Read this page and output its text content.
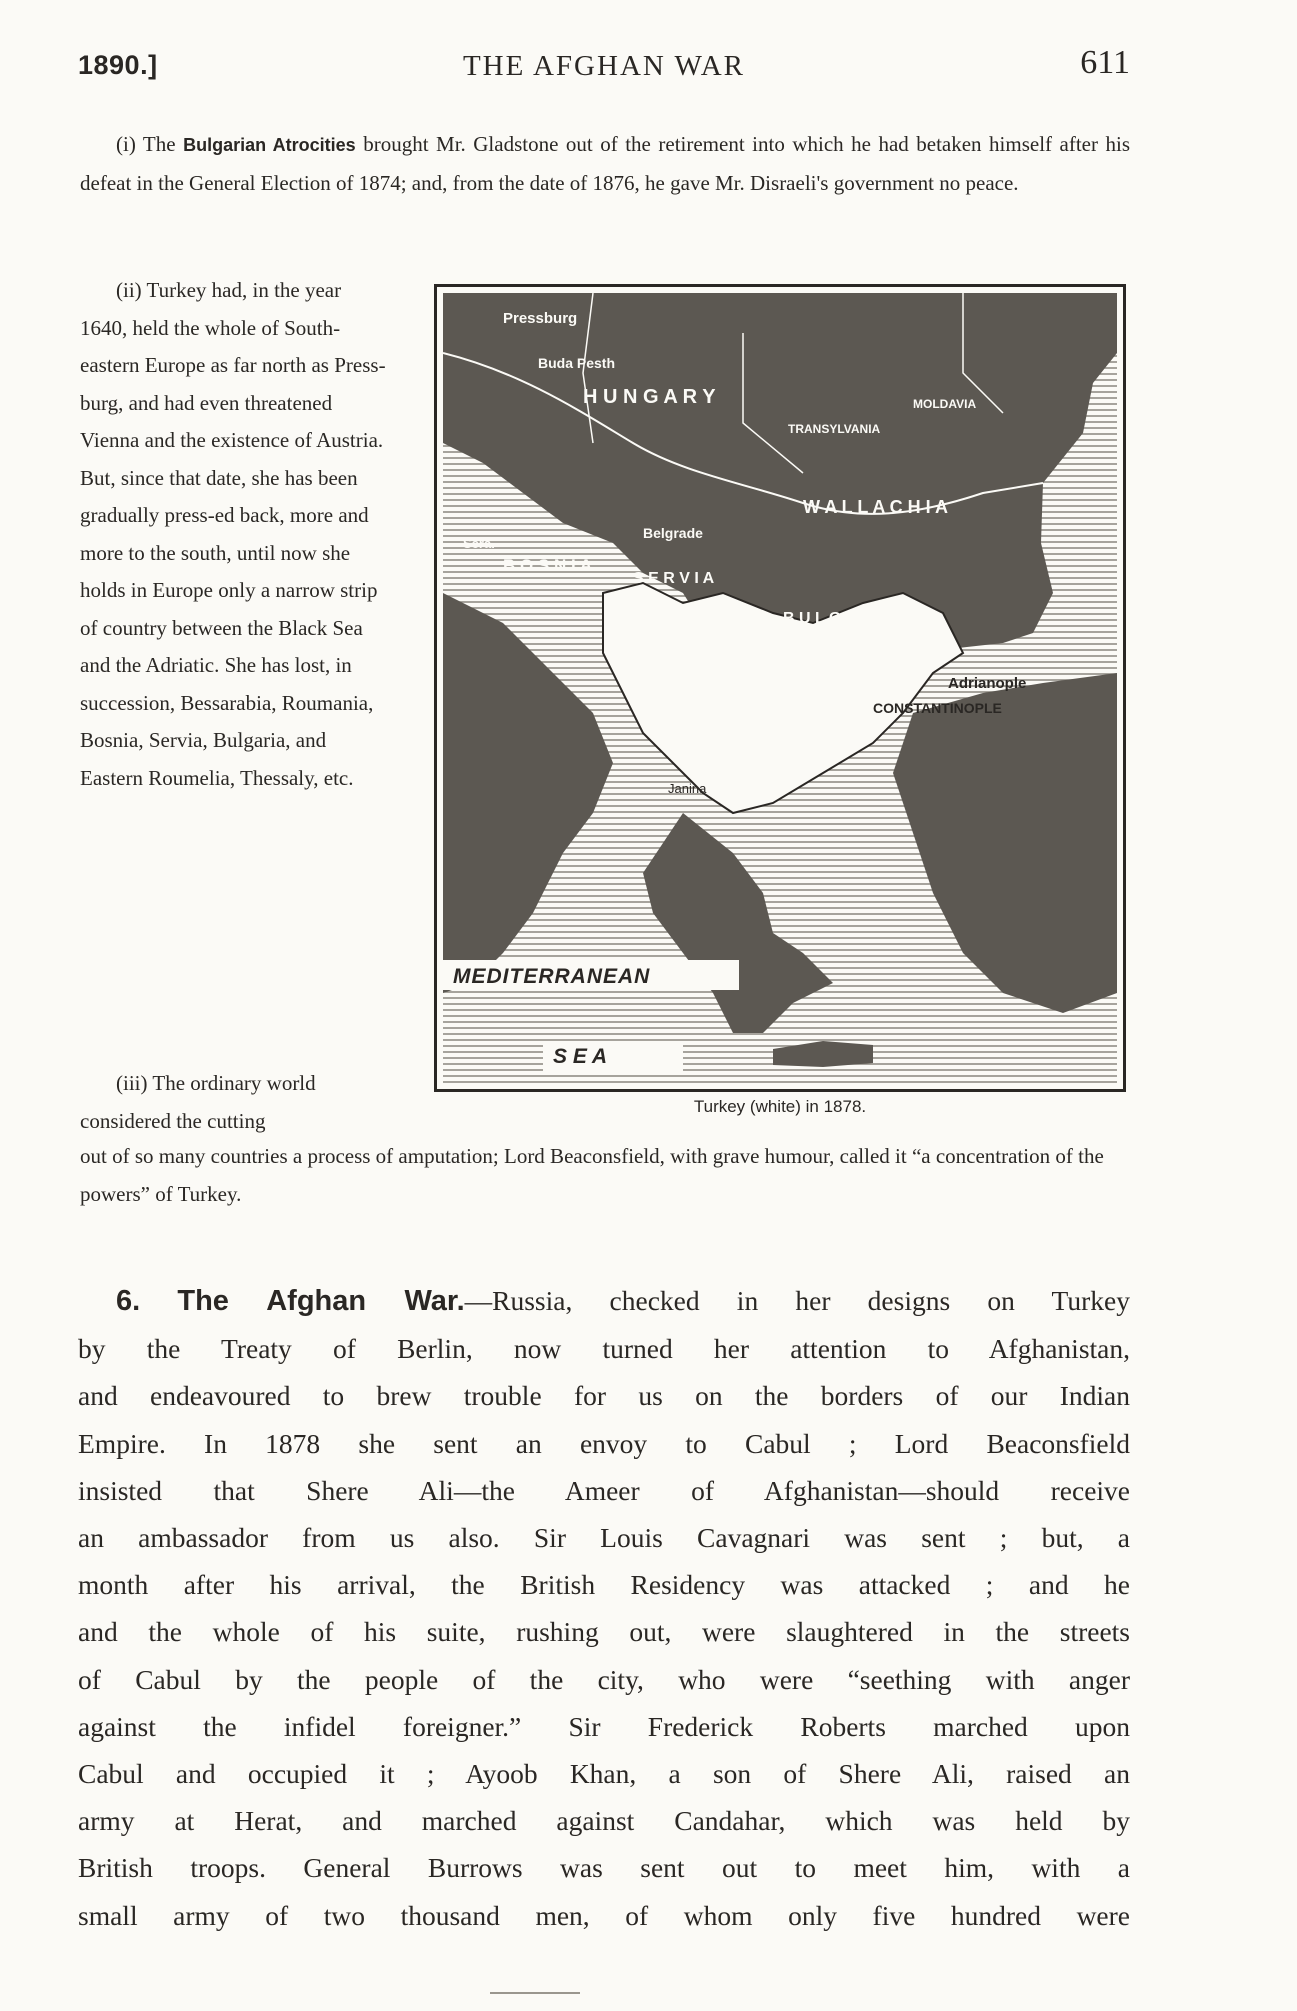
1890.]	THE AFGHAN WAR	611
(i) The Bulgarian Atrocities brought Mr. Gladstone out of the retirement into which he had betaken himself after his defeat in the General Election of 1874; and, from the date of 1876, he gave Mr. Disraeli's government no peace.
(ii) Turkey had, in the year 1640, held the whole of South-eastern Europe as far north as Press-burg, and had even threatened Vienna and the existence of Austria. But, since that date, she has been gradually press-ed back, more and more to the south, until now she holds in Europe only a narrow strip of country between the Black Sea and the Adriatic. She has lost, in succession, Bessarabia, Roumania, Bosnia, Servia, Bulgaria, and Eastern Roumelia, Thessaly, etc.
Pressburg
Buda Pesth
H U N G A R Y	MOLDAVIA
TRANSYLVANIA
W A L L A C H I A
Sera.
B O S N I A
Belgrade
S E R V I A
B U L G A R I A
R O U M E L I A
Adrianople
CONSTANTINOPLE
Janina
MEDITERRANEAN
S E A
Turkey (white) in 1878.
(iii) The ordinary world considered the cutting
out of so many countries a process of amputation; Lord Beaconsfield, with grave humour, called it “a concentration of the powers” of Turkey.
6. The Afghan War.—Russia, checked in her designs on Turkey
by the Treaty of Berlin, now turned her attention to Afghanistan,
and endeavoured to brew trouble for us on the borders of our Indian
Empire. In 1878 she sent an envoy to Cabul ; Lord Beaconsfield
insisted that Shere Ali—the Ameer of Afghanistan—should receive
an ambassador from us also. Sir Louis Cavagnari was sent ; but, a
month after his arrival, the British Residency was attacked ; and he
and the whole of his suite, rushing out, were slaughtered in the streets
of Cabul by the people of the city, who were “seething with anger
against the infidel foreigner.” Sir Frederick Roberts marched upon
Cabul and occupied it ; Ayoob Khan, a son of Shere Ali, raised an
army at Herat, and marched against Candahar, which was held by
British troops. General Burrows was sent out to meet him, with a
small army of two thousand men, of whom only five hundred were
